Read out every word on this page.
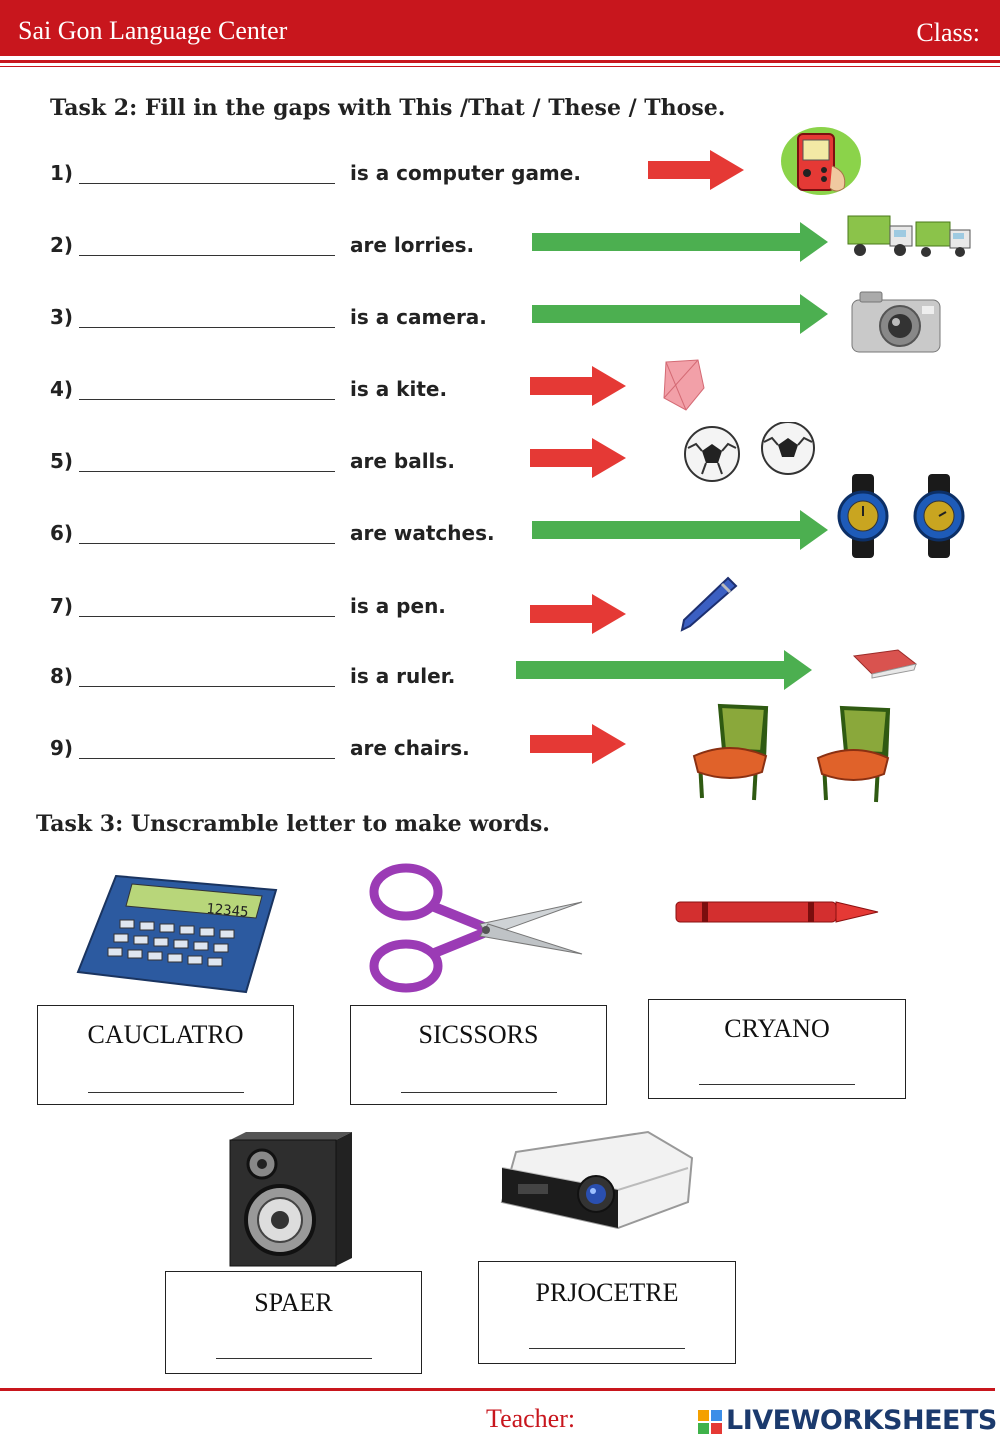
Sai Gon Language Center	Class:
Task 2: Fill in the gaps with This /That / These / Those.
1)	is a computer game.
2)	are lorries.
3)	is a camera.
4)	is a kite.
5)	are balls.
6)	are watches.
7)	is a pen.
8)	is a ruler.
9)	are chairs.
Task 3: Unscramble letter to make words.
12345
CAUCLATRO	SICSSORS	CRYANO
SPAER	PRJOCETRE
Teacher:	LIVEWORKSHEETS
